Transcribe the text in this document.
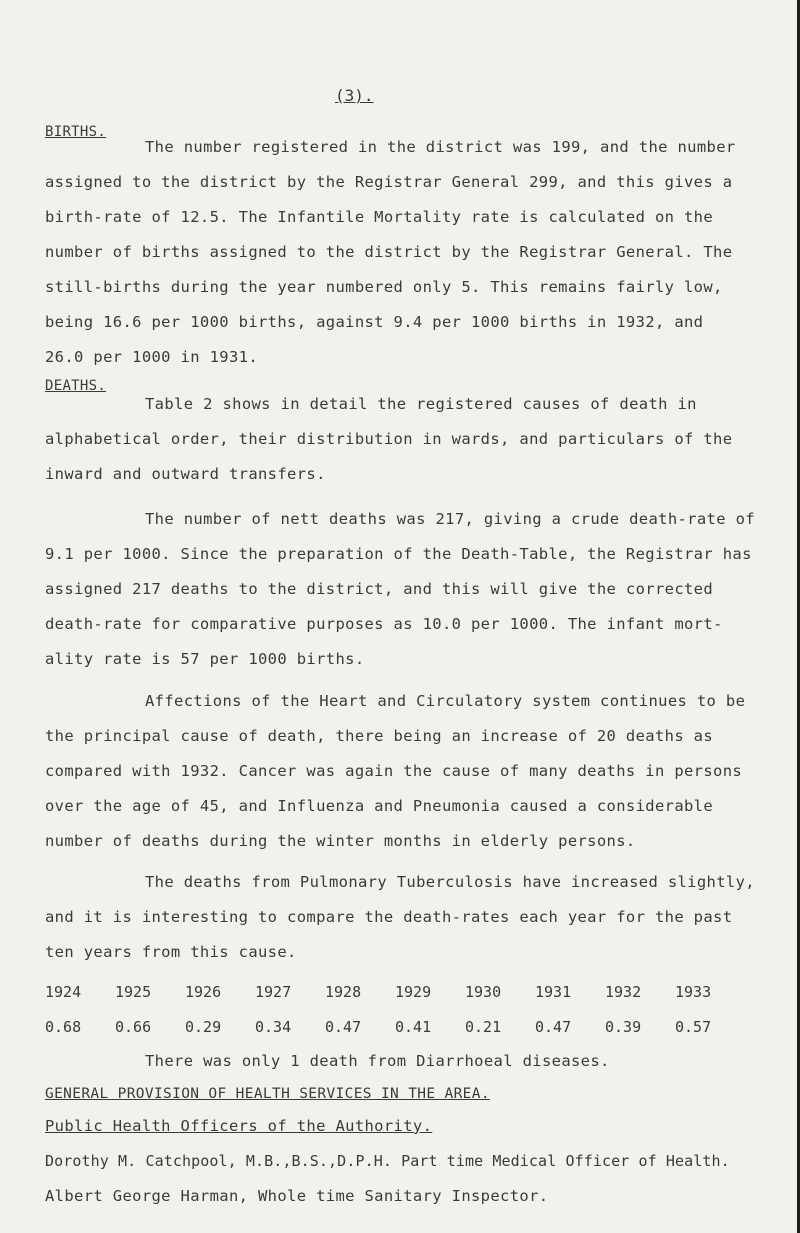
(3).
BIRTHS.
The number registered in the district was 199, and the number
assigned to the district by the Registrar General 299, and this gives a
birth-rate of 12.5. The Infantile Mortality rate is calculated on the
number of births assigned to the district by the Registrar General. The
still-births during the year numbered only 5. This remains fairly low,
being 16.6 per 1000 births, against 9.4 per 1000 births in 1932, and
26.0 per 1000 in 1931.
DEATHS.
Table 2 shows in detail the registered causes of death in
alphabetical order, their distribution in wards, and particulars of the
inward and outward transfers.
The number of nett deaths was 217, giving a crude death-rate of
9.1 per 1000. Since the preparation of the Death-Table, the Registrar has
assigned 217 deaths to the district, and this will give the corrected
death-rate for comparative purposes as 10.0 per 1000. The infant mort-
ality rate is 57 per 1000 births.
Affections of the Heart and Circulatory system continues to be
the principal cause of death, there being an increase of 20 deaths as
compared with 1932. Cancer was again the cause of many deaths in persons
over the age of 45, and Influenza and Pneumonia caused a considerable
number of deaths during the winter months in elderly persons.
The deaths from Pulmonary Tuberculosis have increased slightly,
and it is interesting to compare the death-rates each year for the past
ten years from this cause.
1924	1925	1926	1927	1928	1929	1930	1931	1932	1933
0.68	0.66	0.29	0.34	0.47	0.41	0.21	0.47	0.39	0.57
There was only 1 death from Diarrhoeal diseases.
GENERAL PROVISION OF HEALTH SERVICES IN THE AREA.
Public Health Officers of the Authority.
Dorothy M. Catchpool, M.B.,B.S.,D.P.H. Part time Medical Officer of Health.
Albert George Harman, Whole time Sanitary Inspector.
